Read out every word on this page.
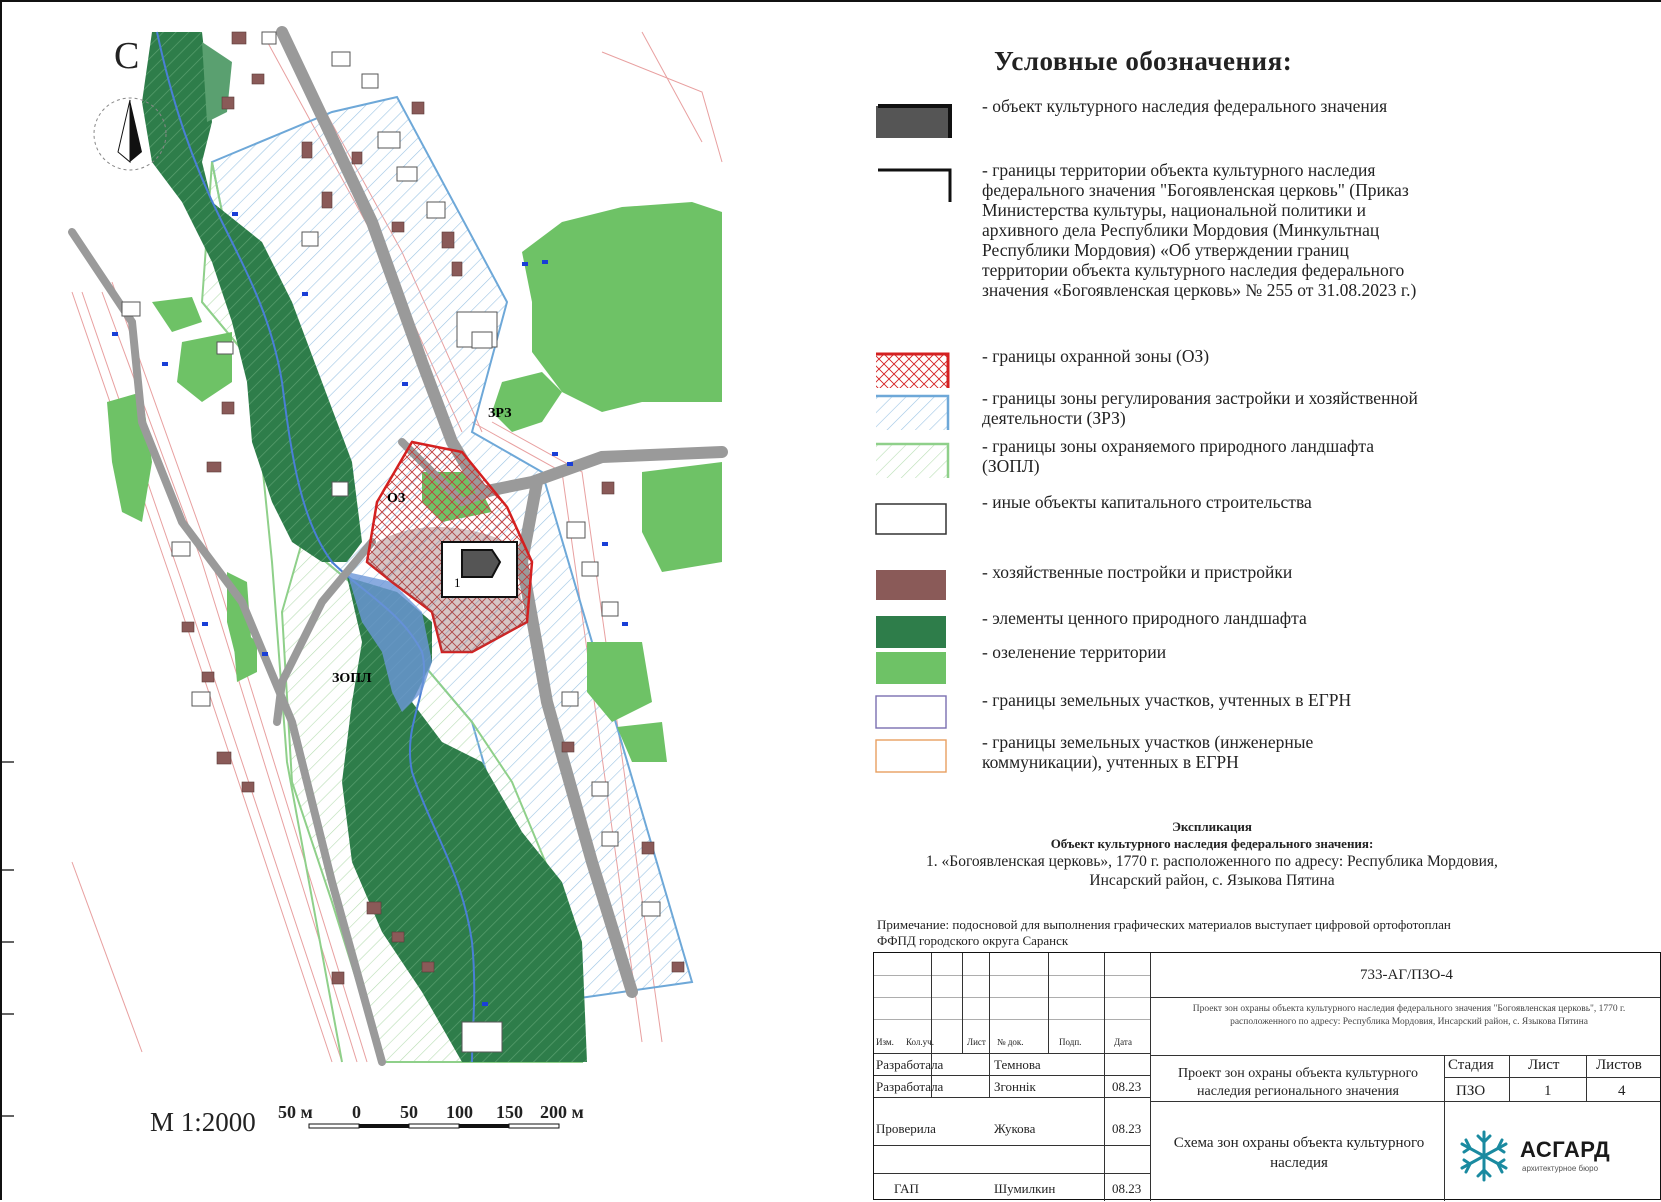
ЗРЗ
ОЗ
ЗОПЛ
1
С
М 1:2000 50 м 0 50 100 150 200 м
Условные обозначения:
- объект культурного наследия федерального значения
- границы территории объекта культурного наследия федерального значения "Богоявленская церковь" (Приказ Министерства культуры, национальной политики и архивного дела Республики Мордовия (Минкультнац Республики Мордовия) «Об утверждении границ территории объекта культурного наследия федерального значения «Богоявленская церковь» № 255 от 31.08.2023 г.)
- границы охранной зоны (ОЗ)
- границы зоны регулирования застройки и хозяйственной деятельности (ЗРЗ)
- границы зоны охраняемого природного ландшафта (ЗОПЛ)
- иные объекты капитального строительства
- хозяйственные постройки и пристройки
- элементы ценного природного ландшафта
- озеленение территории
- границы земельных участков, учтенных в ЕГРН
- границы земельных участков (инженерные коммуникации), учтенных в ЕГРН
Экспликация
Объект культурного наследия федерального значения:
1. «Богоявленская церковь», 1770 г. расположенного по адресу: Республика Мордовия,
Инсарский район, с. Языкова Пятина
Примечание: подосновой для выполнения графических материалов выступает цифровой ортофотоплан ФФПД городского округа Саранск
733-АГ/ПЗО-4
Проект зон охраны объекта культурного наследия федерального значения "Богоявленская церковь", 1770 г. расположенного по адресу: Республика Мордовия, Инсарский район, с. Языкова Пятина
Изм. Кол.уч.	Лист № док.	Подп.	Дата
Разработала	Темнова
Разработала	Згоннік	08.23
Проверила	Жукова	08.23
ГАП	Шумилкин	08.23
Проект зон охраны объекта культурного наследия регионального значения
Схема зон охраны объекта культурного наследия
Стадия Лист Листов
ПЗО	1	4
АСГАРД
архитектурное бюро
